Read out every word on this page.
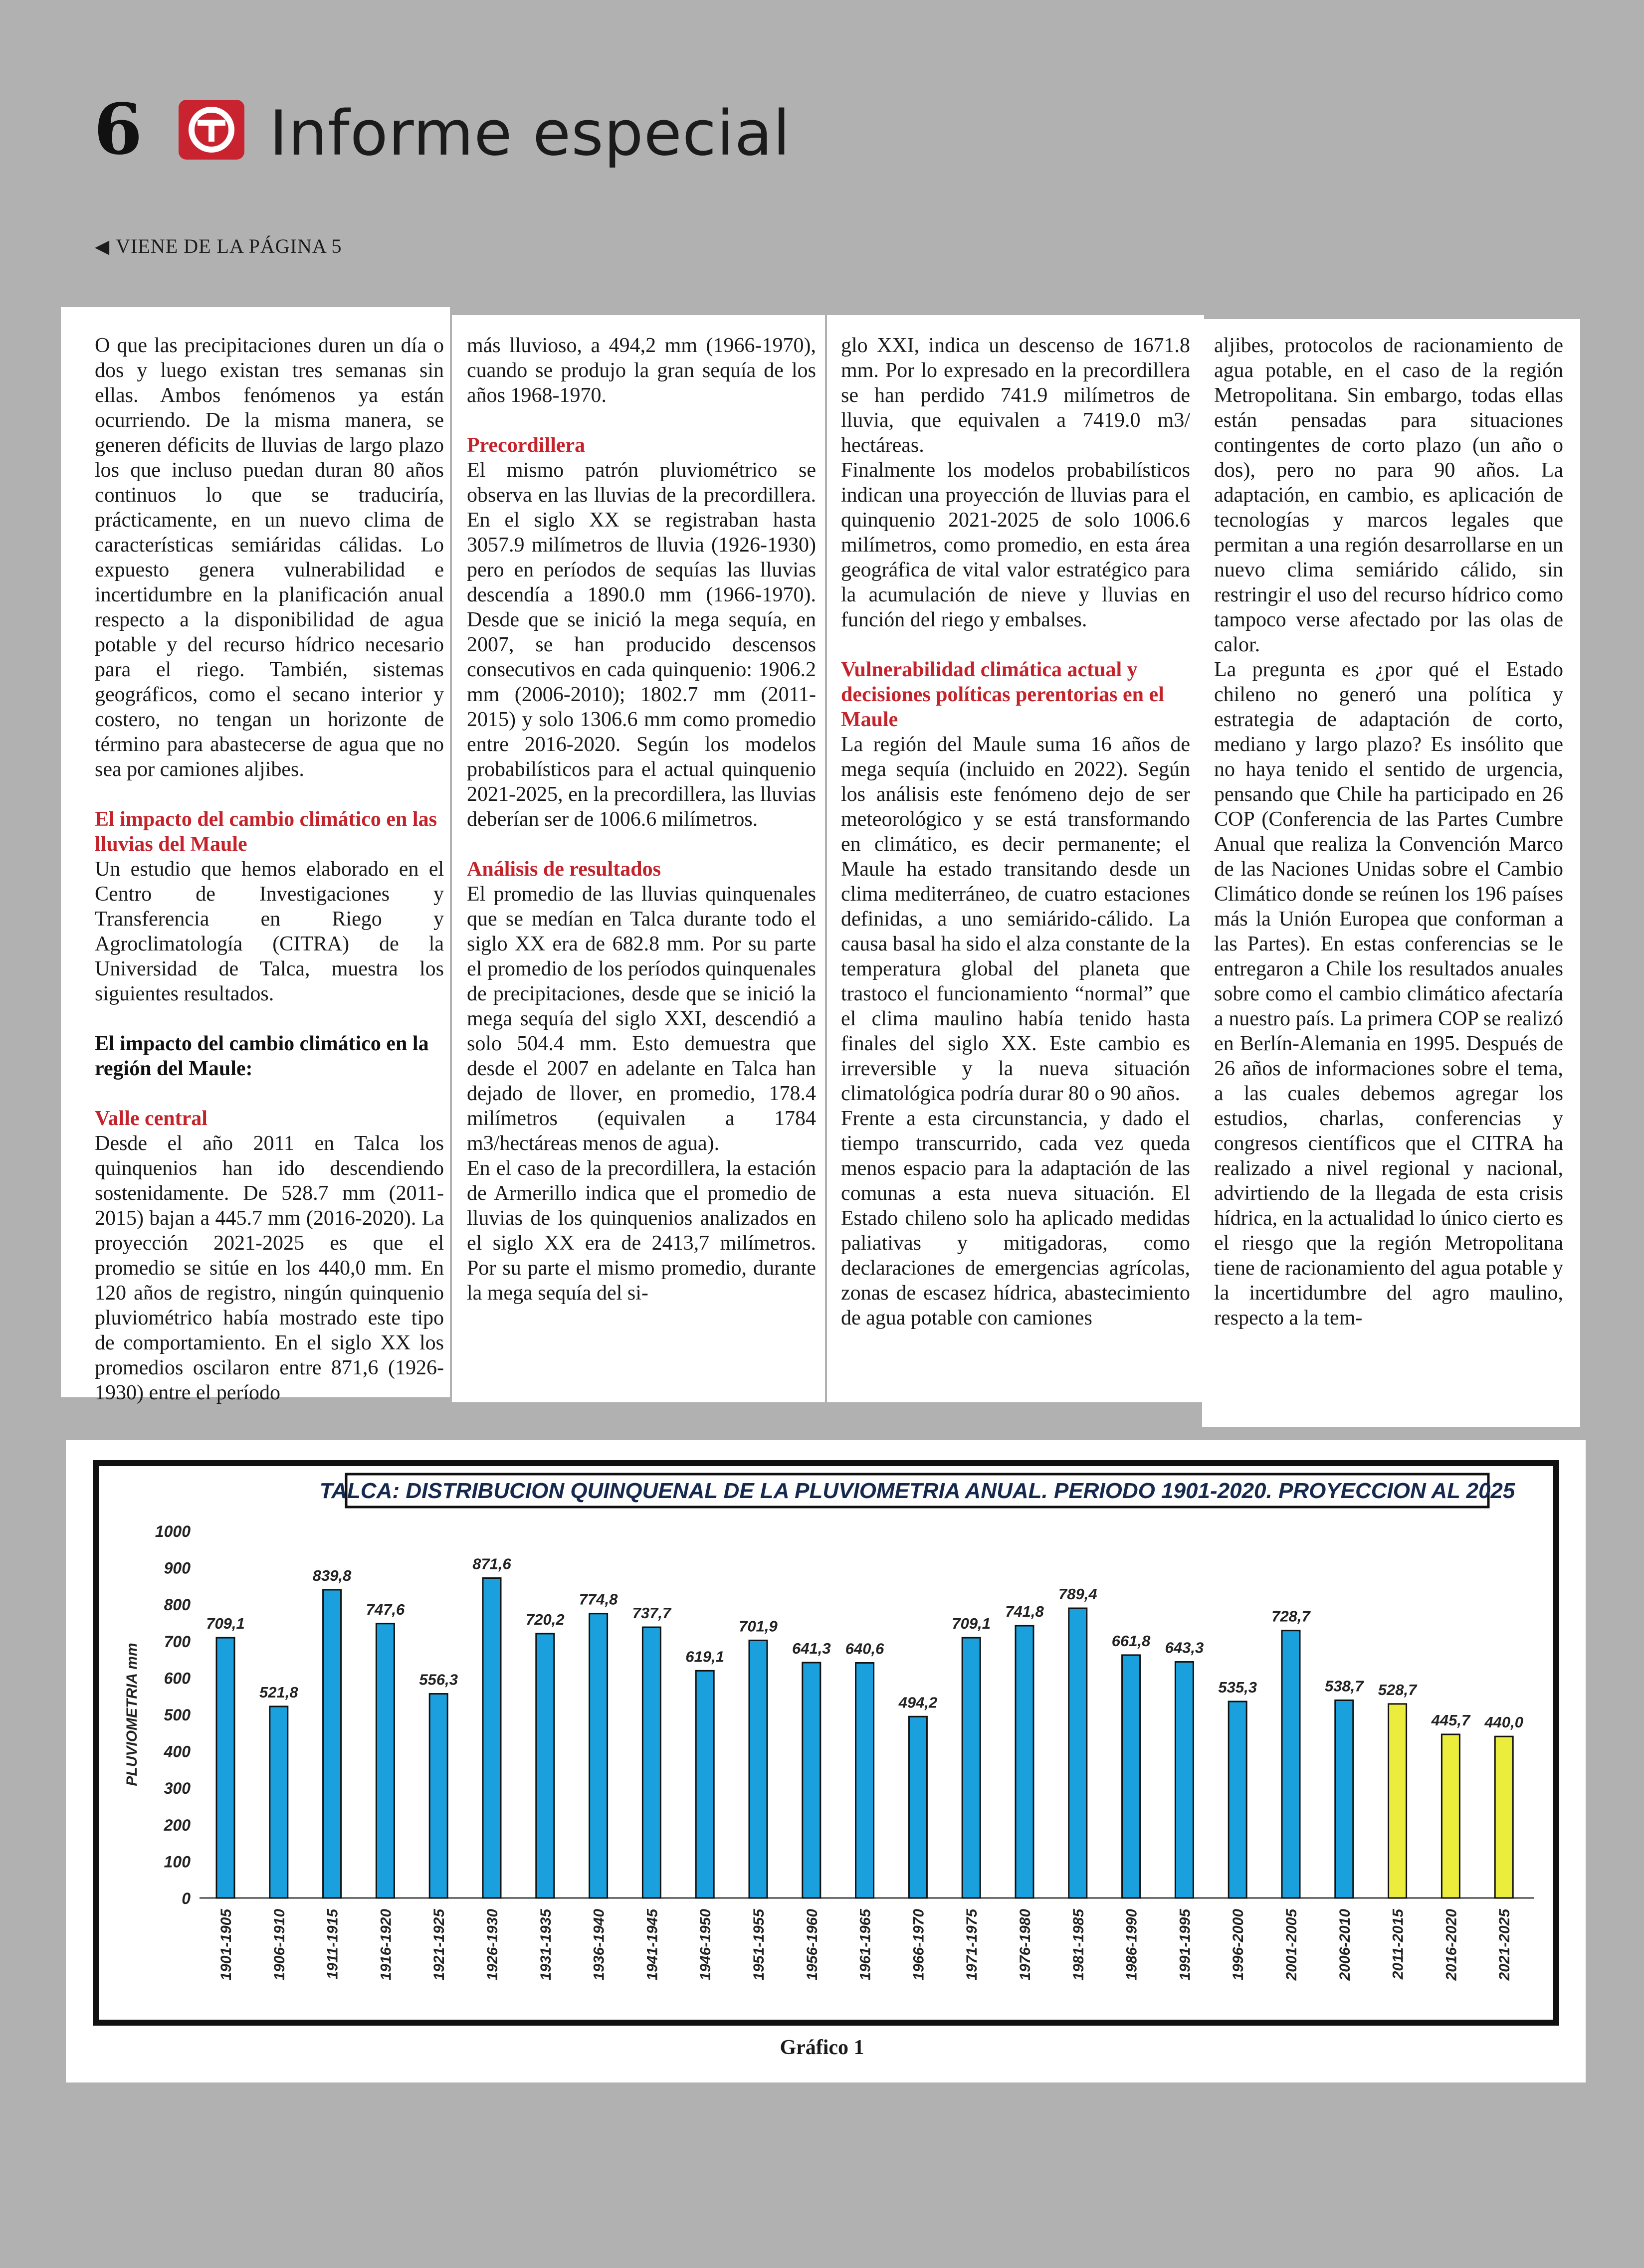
6 Informe especial
◀ VIENE DE LA PÁGINA 5

O que las precipitaciones duren un día o dos y luego existan tres semanas sin ellas. Ambos fenómenos ya están ocurriendo. De la misma manera, se generen déficits de lluvias de largo plazo los que incluso puedan duran 80 años continuos lo que se traduciría, prácticamente, en un nuevo clima de características semiáridas cálidas. Lo expuesto genera vulnerabilidad e incertidumbre en la planificación anual respecto a la disponibilidad de agua potable y del recurso hídrico necesario para el riego. También, sistemas geográficos, como el secano interior y costero, no tengan un horizonte de término para abastecerse de agua que no sea por camiones aljibes.

El impacto del cambio climático en las lluvias del Maule

Un estudio que hemos elaborado en el Centro de Investigaciones y Transferencia en Riego y Agroclimatología (CITRA) de la Universidad de Talca, muestra los siguientes resultados.

El impacto del cambio climático en la región del Maule:

Valle central

Desde el año 2011 en Talca los quinquenios han ido descendiendo sostenidamente. De 528.7 mm (2011-2015) bajan a 445.7 mm (2016-2020). La proyección 2021-2025 es que el promedio se sitúe en los 440,0 mm. En 120 años de registro, ningún quinquenio pluviométrico había mostrado este tipo de comportamiento. En el siglo XX los promedios oscilaron entre 871,6 (1926-1930) entre el período

más lluvioso, a 494,2 mm (1966-1970), cuando se produjo la gran sequía de los años 1968-1970.

Precordillera

El mismo patrón pluviométrico se observa en las lluvias de la precordillera. En el siglo XX se registraban hasta 3057.9 milímetros de lluvia (1926-1930) pero en períodos de sequías las lluvias descendía a 1890.0 mm (1966-1970). Desde que se inició la mega sequía, en 2007, se han producido descensos consecutivos en cada quinquenio: 1906.2 mm (2006-2010); 1802.7 mm (2011-2015) y solo 1306.6 mm como promedio entre 2016-2020. Según los modelos probabilísticos para el actual quinquenio 2021-2025, en la precordillera, las lluvias deberían ser de 1006.6 milímetros.

Análisis de resultados

El promedio de las lluvias quinquenales que se medían en Talca durante todo el siglo XX era de 682.8 mm. Por su parte el promedio de los períodos quinquenales de precipitaciones, desde que se inició la mega sequía del siglo XXI, descendió a solo 504.4 mm. Esto demuestra que desde el 2007 en adelante en Talca han dejado de llover, en promedio, 178.4 milímetros (equivalen a 1784 m3/hectáreas menos de agua).

En el caso de la precordillera, la estación de Armerillo indica que el promedio de lluvias de los quinquenios analizados en el siglo XX era de 2413,7 milímetros. Por su parte el mismo promedio, durante la mega sequía del si-

glo XXI, indica un descenso de 1671.8 mm. Por lo expresado en la precordillera se han perdido 741.9 milímetros de lluvia, que equivalen a 7419.0 m3/ hectáreas.

Finalmente los modelos probabilísticos indican una proyección de lluvias para el quinquenio 2021-2025 de solo 1006.6 milímetros, como promedio, en esta área geográfica de vital valor estratégico para la acumulación de nieve y lluvias en función del riego y embalses.

Vulnerabilidad climática actual y decisiones políticas perentorias en el Maule

La región del Maule suma 16 años de mega sequía (incluido en 2022). Según los análisis este fenómeno dejo de ser meteorológico y se está transformando en climático, es decir permanente; el Maule ha estado transitando desde un clima mediterráneo, de cuatro estaciones definidas, a uno semiárido-cálido. La causa basal ha sido el alza constante de la temperatura global del planeta que trastoco el funcionamiento “normal” que el clima maulino había tenido hasta finales del siglo XX. Este cambio es irreversible y la nueva situación climatológica podría durar 80 o 90 años.

Frente a esta circunstancia, y dado el tiempo transcurrido, cada vez queda menos espacio para la adaptación de las comunas a esta nueva situación. El Estado chileno solo ha aplicado medidas paliativas y mitigadoras, como declaraciones de emergencias agrícolas, zonas de escasez hídrica, abastecimiento de agua potable con camiones

aljibes, protocolos de racionamiento de agua potable, en el caso de la región Metropolitana. Sin embargo, todas ellas están pensadas para situaciones contingentes de corto plazo (un año o dos), pero no para 90 años. La adaptación, en cambio, es aplicación de tecnologías y marcos legales que permitan a una región desarrollarse en un nuevo clima semiárido cálido, sin restringir el uso del recurso hídrico como tampoco verse afectado por las olas de calor.

La pregunta es ¿por qué el Estado chileno no generó una política y estrategia de adaptación de corto, mediano y largo plazo? Es insólito que no haya tenido el sentido de urgencia, pensando que Chile ha participado en 26 COP (Conferencia de las Partes Cumbre Anual que realiza la Convención Marco de las Naciones Unidas sobre el Cambio Climático donde se reúnen los 196 países más la Unión Europea que conforman a las Partes). En estas conferencias se le entregaron a Chile los resultados anuales sobre como el cambio climático afectaría a nuestro país. La primera COP se realizó en Berlín-Alemania en 1995. Después de 26 años de informaciones sobre el tema, a las cuales debemos agregar los estudios, charlas, conferencias y congresos científicos que el CITRA ha realizado a nivel regional y nacional, advirtiendo de la llegada de esta crisis hídrica, en la actualidad lo único cierto es el riesgo que la región Metropolitana tiene de racionamiento del agua potable y la incertidumbre del agro maulino, respecto a la tem-

TALCA: DISTRIBUCION QUINQUENAL DE LA PLUVIOMETRIA ANUAL. PERIODO 1901-2020. PROYECCION AL 2025
0
100
200
300
400
500
600
700
800
900
1000
PLUVIOMETRIA mm
709,1
1901-1905
521,8
1906-1910
839,8
1911-1915
747,6
1916-1920
556,3
1921-1925
871,6
1926-1930
720,2
1931-1935
774,8
1936-1940
737,7
1941-1945
619,1
1946-1950
701,9
1951-1955
641,3
1956-1960
640,6
1961-1965
494,2
1966-1970
709,1
1971-1975
741,8
1976-1980
789,4
1981-1985
661,8
1986-1990
643,3
1991-1995
535,3
1996-2000
728,7
2001-2005
538,7
2006-2010
528,7
2011-2015
445,7
2016-2020
440,0
2021-2025
Gráfico 1
